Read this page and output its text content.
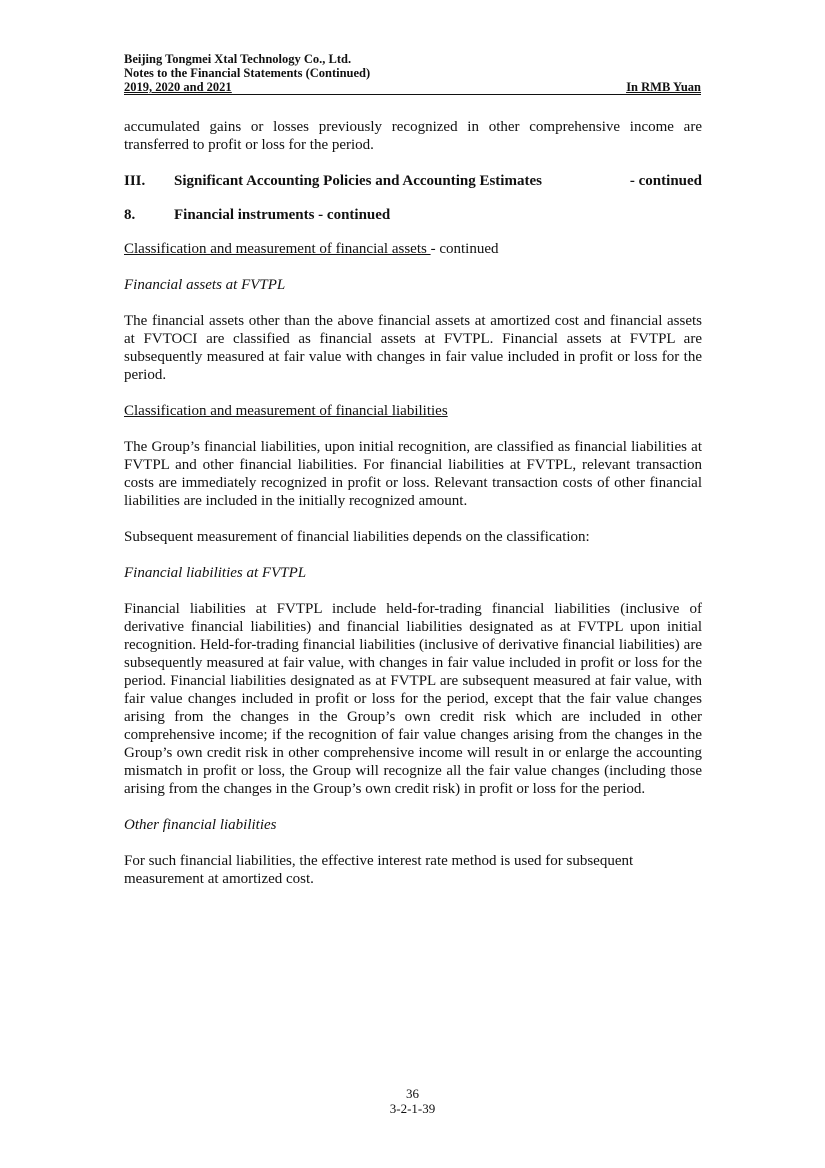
Beijing Tongmei Xtal Technology Co., Ltd.
Notes to the Financial Statements (Continued)
2019, 2020 and 2021	In RMB Yuan

accumulated gains or losses previously recognized in other comprehensive income are transferred to profit or loss for the period.

III.	Significant Accounting Policies and Accounting Estimates	- continued
8.	Financial instruments - continued

Classification and measurement of financial assets - continued

Financial assets at FVTPL

The financial assets other than the above financial assets at amortized cost and financial assets at FVTOCI are classified as financial assets at FVTPL. Financial assets at FVTPL are subsequently measured at fair value with changes in fair value included in profit or loss for the period.

Classification and measurement of financial liabilities

The Group’s financial liabilities, upon initial recognition, are classified as financial liabilities at FVTPL and other financial liabilities. For financial liabilities at FVTPL, relevant transaction costs are immediately recognized in profit or loss. Relevant transaction costs of other financial liabilities are included in the initially recognized amount.

Subsequent measurement of financial liabilities depends on the classification:

Financial liabilities at FVTPL

Financial liabilities at FVTPL include held-for-trading financial liabilities (inclusive of derivative financial liabilities) and financial liabilities designated as at FVTPL upon initial recognition. Held-for-trading financial liabilities (inclusive of derivative financial liabilities) are subsequently measured at fair value, with changes in fair value included in profit or loss for the period. Financial liabilities designated as at FVTPL are subsequent measured at fair value, with fair value changes included in profit or loss for the period, except that the fair value changes arising from the changes in the Group’s own credit risk which are included in other comprehensive income; if the recognition of fair value changes arising from the changes in the Group’s own credit risk in other comprehensive income will result in or enlarge the accounting mismatch in profit or loss, the Group will recognize all the fair value changes (including those arising from the changes in the Group’s own credit risk) in profit or loss for the period.

Other financial liabilities

For such financial liabilities, the effective interest rate method is used for subsequent measurement at amortized cost.

36
3-2-1-39
